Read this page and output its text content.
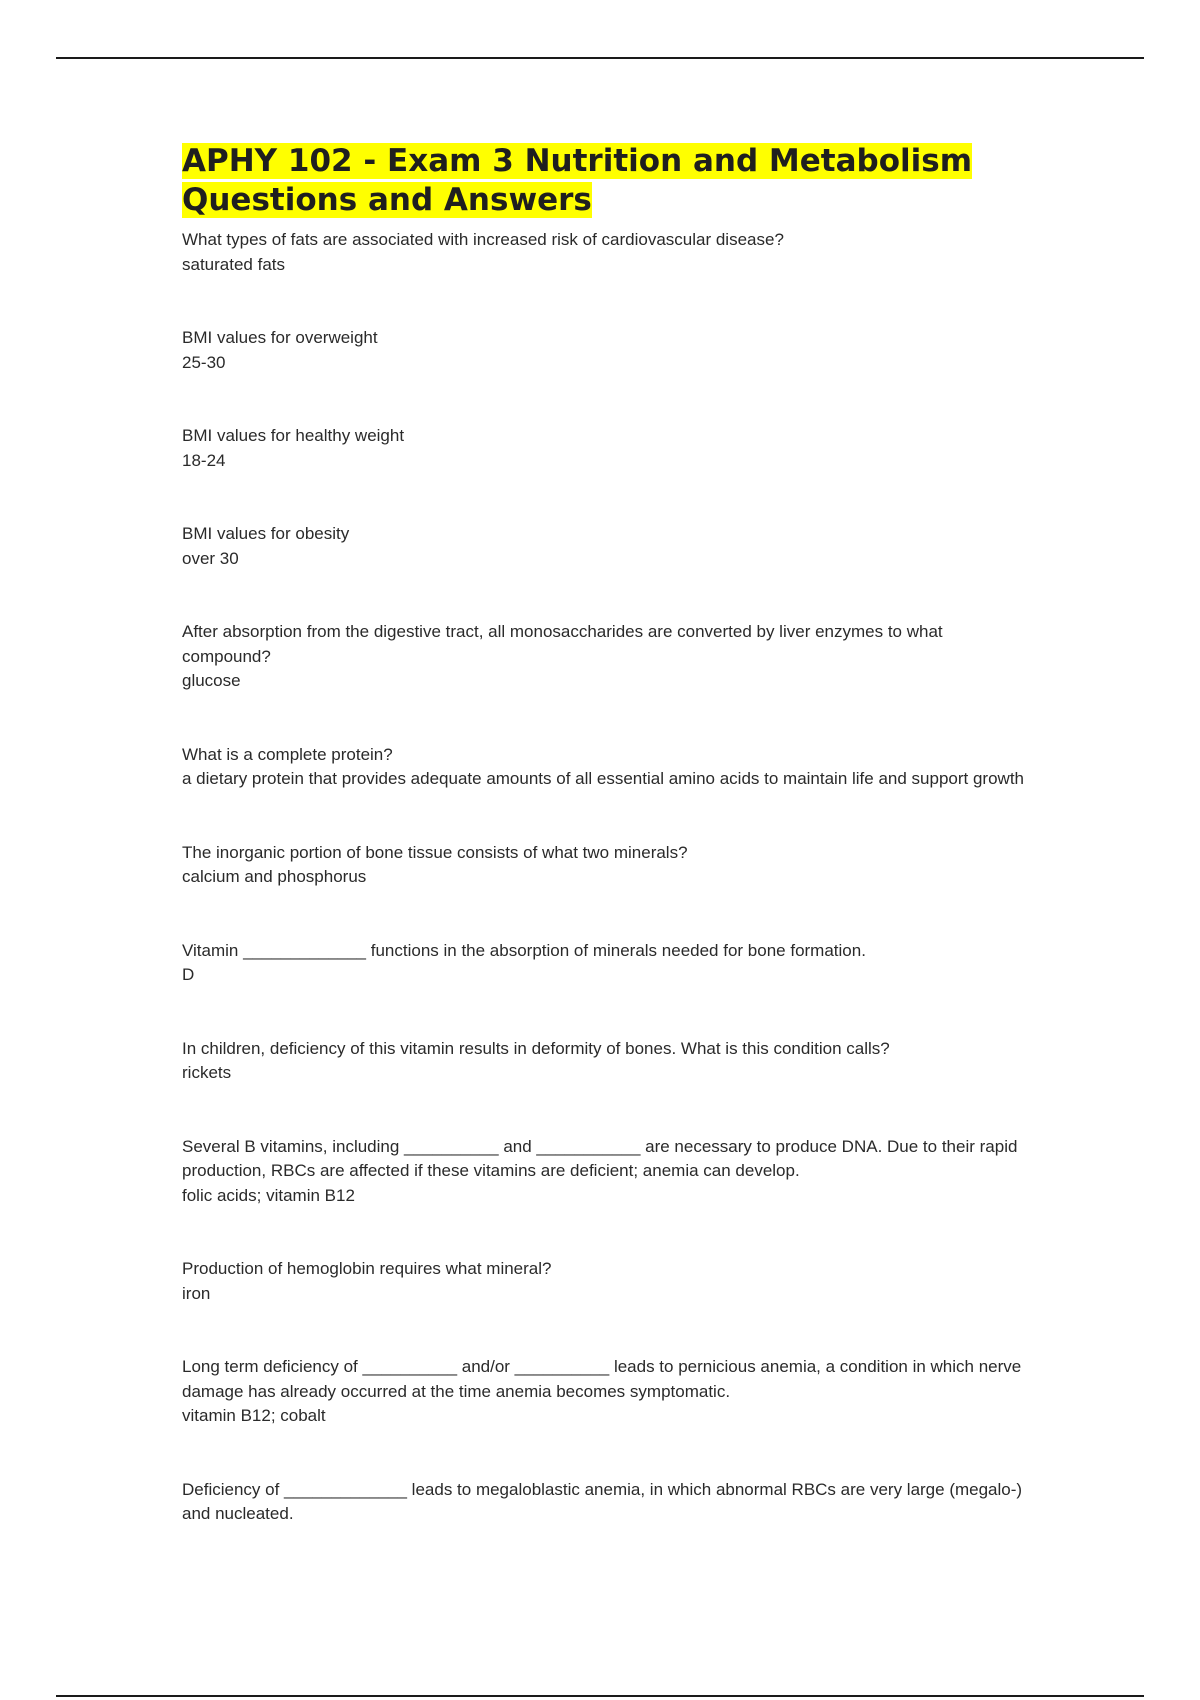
APHY 102 - Exam 3 Nutrition and Metabolism Questions and Answers
What types of fats are associated with increased risk of cardiovascular disease?
saturated fats
BMI values for overweight
25-30
BMI values for healthy weight
18-24
BMI values for obesity
over 30
After absorption from the digestive tract, all monosaccharides are converted by liver enzymes to what compound?
glucose
What is a complete protein?
a dietary protein that provides adequate amounts of all essential amino acids to maintain life and support growth
The inorganic portion of bone tissue consists of what two minerals?
calcium and phosphorus
Vitamin _____________ functions in the absorption of minerals needed for bone formation.
D
In children, deficiency of this vitamin results in deformity of bones. What is this condition calls?
rickets
Several B vitamins, including __________ and ___________ are necessary to produce DNA. Due to their rapid production, RBCs are affected if these vitamins are deficient; anemia can develop.
folic acids; vitamin B12
Production of hemoglobin requires what mineral?
iron
Long term deficiency of __________ and/or __________ leads to pernicious anemia, a condition in which nerve damage has already occurred at the time anemia becomes symptomatic.
vitamin B12; cobalt
Deficiency of _____________ leads to megaloblastic anemia, in which abnormal RBCs are very large (megalo-) and nucleated.
